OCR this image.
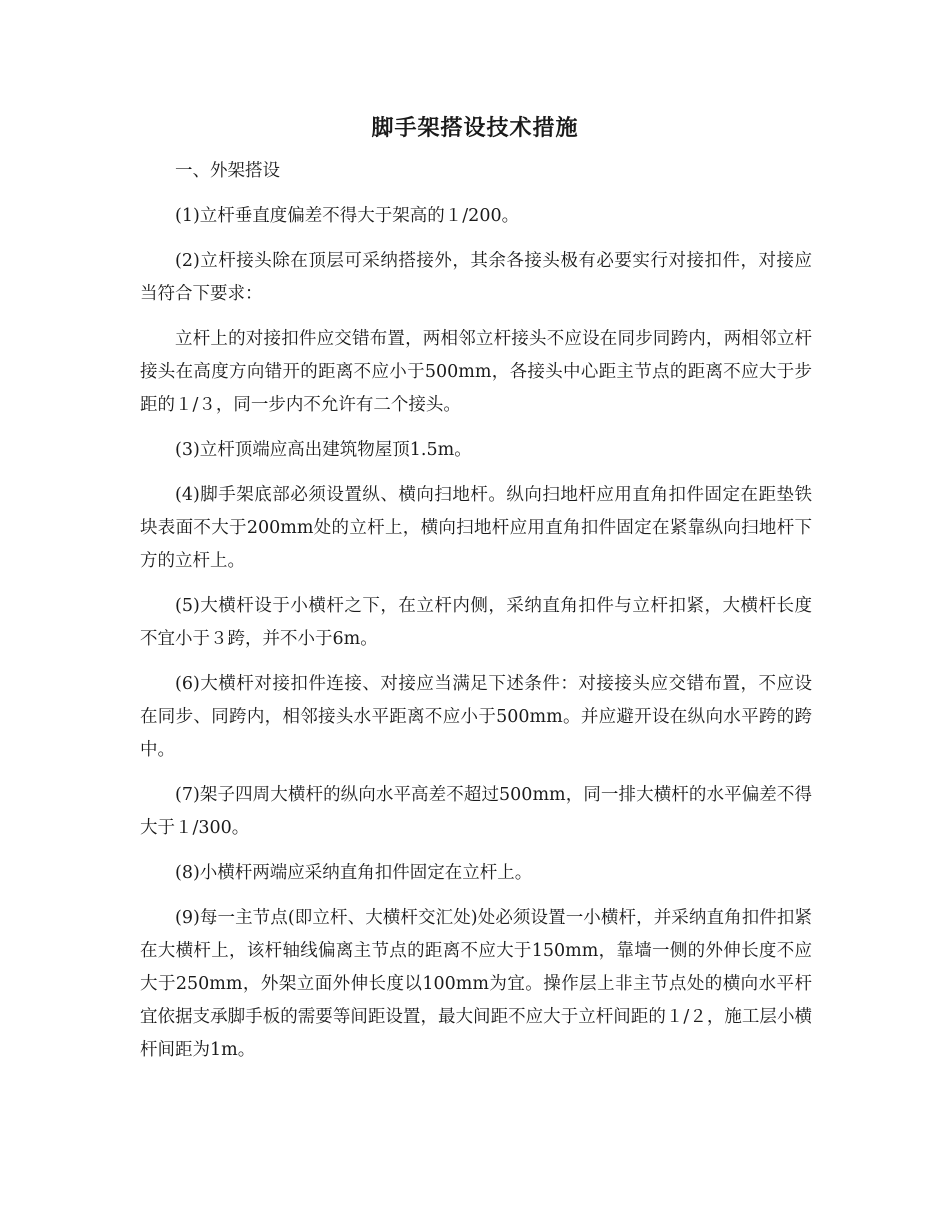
脚手架搭设技术措施

一、外架搭设

(1)立杆垂直度偏差不得大于架高的１/200。

(2)立杆接头除在顶层可采纳搭接外，其余各接头极有必要实行对接扣件，对接应当符合下要求：

立杆上的对接扣件应交错布置，两相邻立杆接头不应设在同步同跨内，两相邻立杆接头在高度方向错开的距离不应小于500mm，各接头中心距主节点的距离不应大于步距的１/３，同一步内不允许有二个接头。

(3)立杆顶端应高出建筑物屋顶1.5m。

(4)脚手架底部必须设置纵、横向扫地杆。纵向扫地杆应用直角扣件固定在距垫铁块表面不大于200mm处的立杆上，横向扫地杆应用直角扣件固定在紧靠纵向扫地杆下方的立杆上。

(5)大横杆设于小横杆之下，在立杆内侧，采纳直角扣件与立杆扣紧，大横杆长度不宜小于３跨，并不小于6m。

(6)大横杆对接扣件连接、对接应当满足下述条件：对接接头应交错布置，不应设在同步、同跨内，相邻接头水平距离不应小于500mm。并应避开设在纵向水平跨的跨中。

(7)架子四周大横杆的纵向水平高差不超过500mm，同一排大横杆的水平偏差不得大于１/300。

(8)小横杆两端应采纳直角扣件固定在立杆上。

(9)每一主节点(即立杆、大横杆交汇处)处必须设置一小横杆，并采纳直角扣件扣紧在大横杆上，该杆轴线偏离主节点的距离不应大于150mm，靠墙一侧的外伸长度不应大于250mm，外架立面外伸长度以100mm为宜。操作层上非主节点处的横向水平杆宜依据支承脚手板的需要等间距设置，最大间距不应大于立杆间距的１/２，施工层小横杆间距为1m。
